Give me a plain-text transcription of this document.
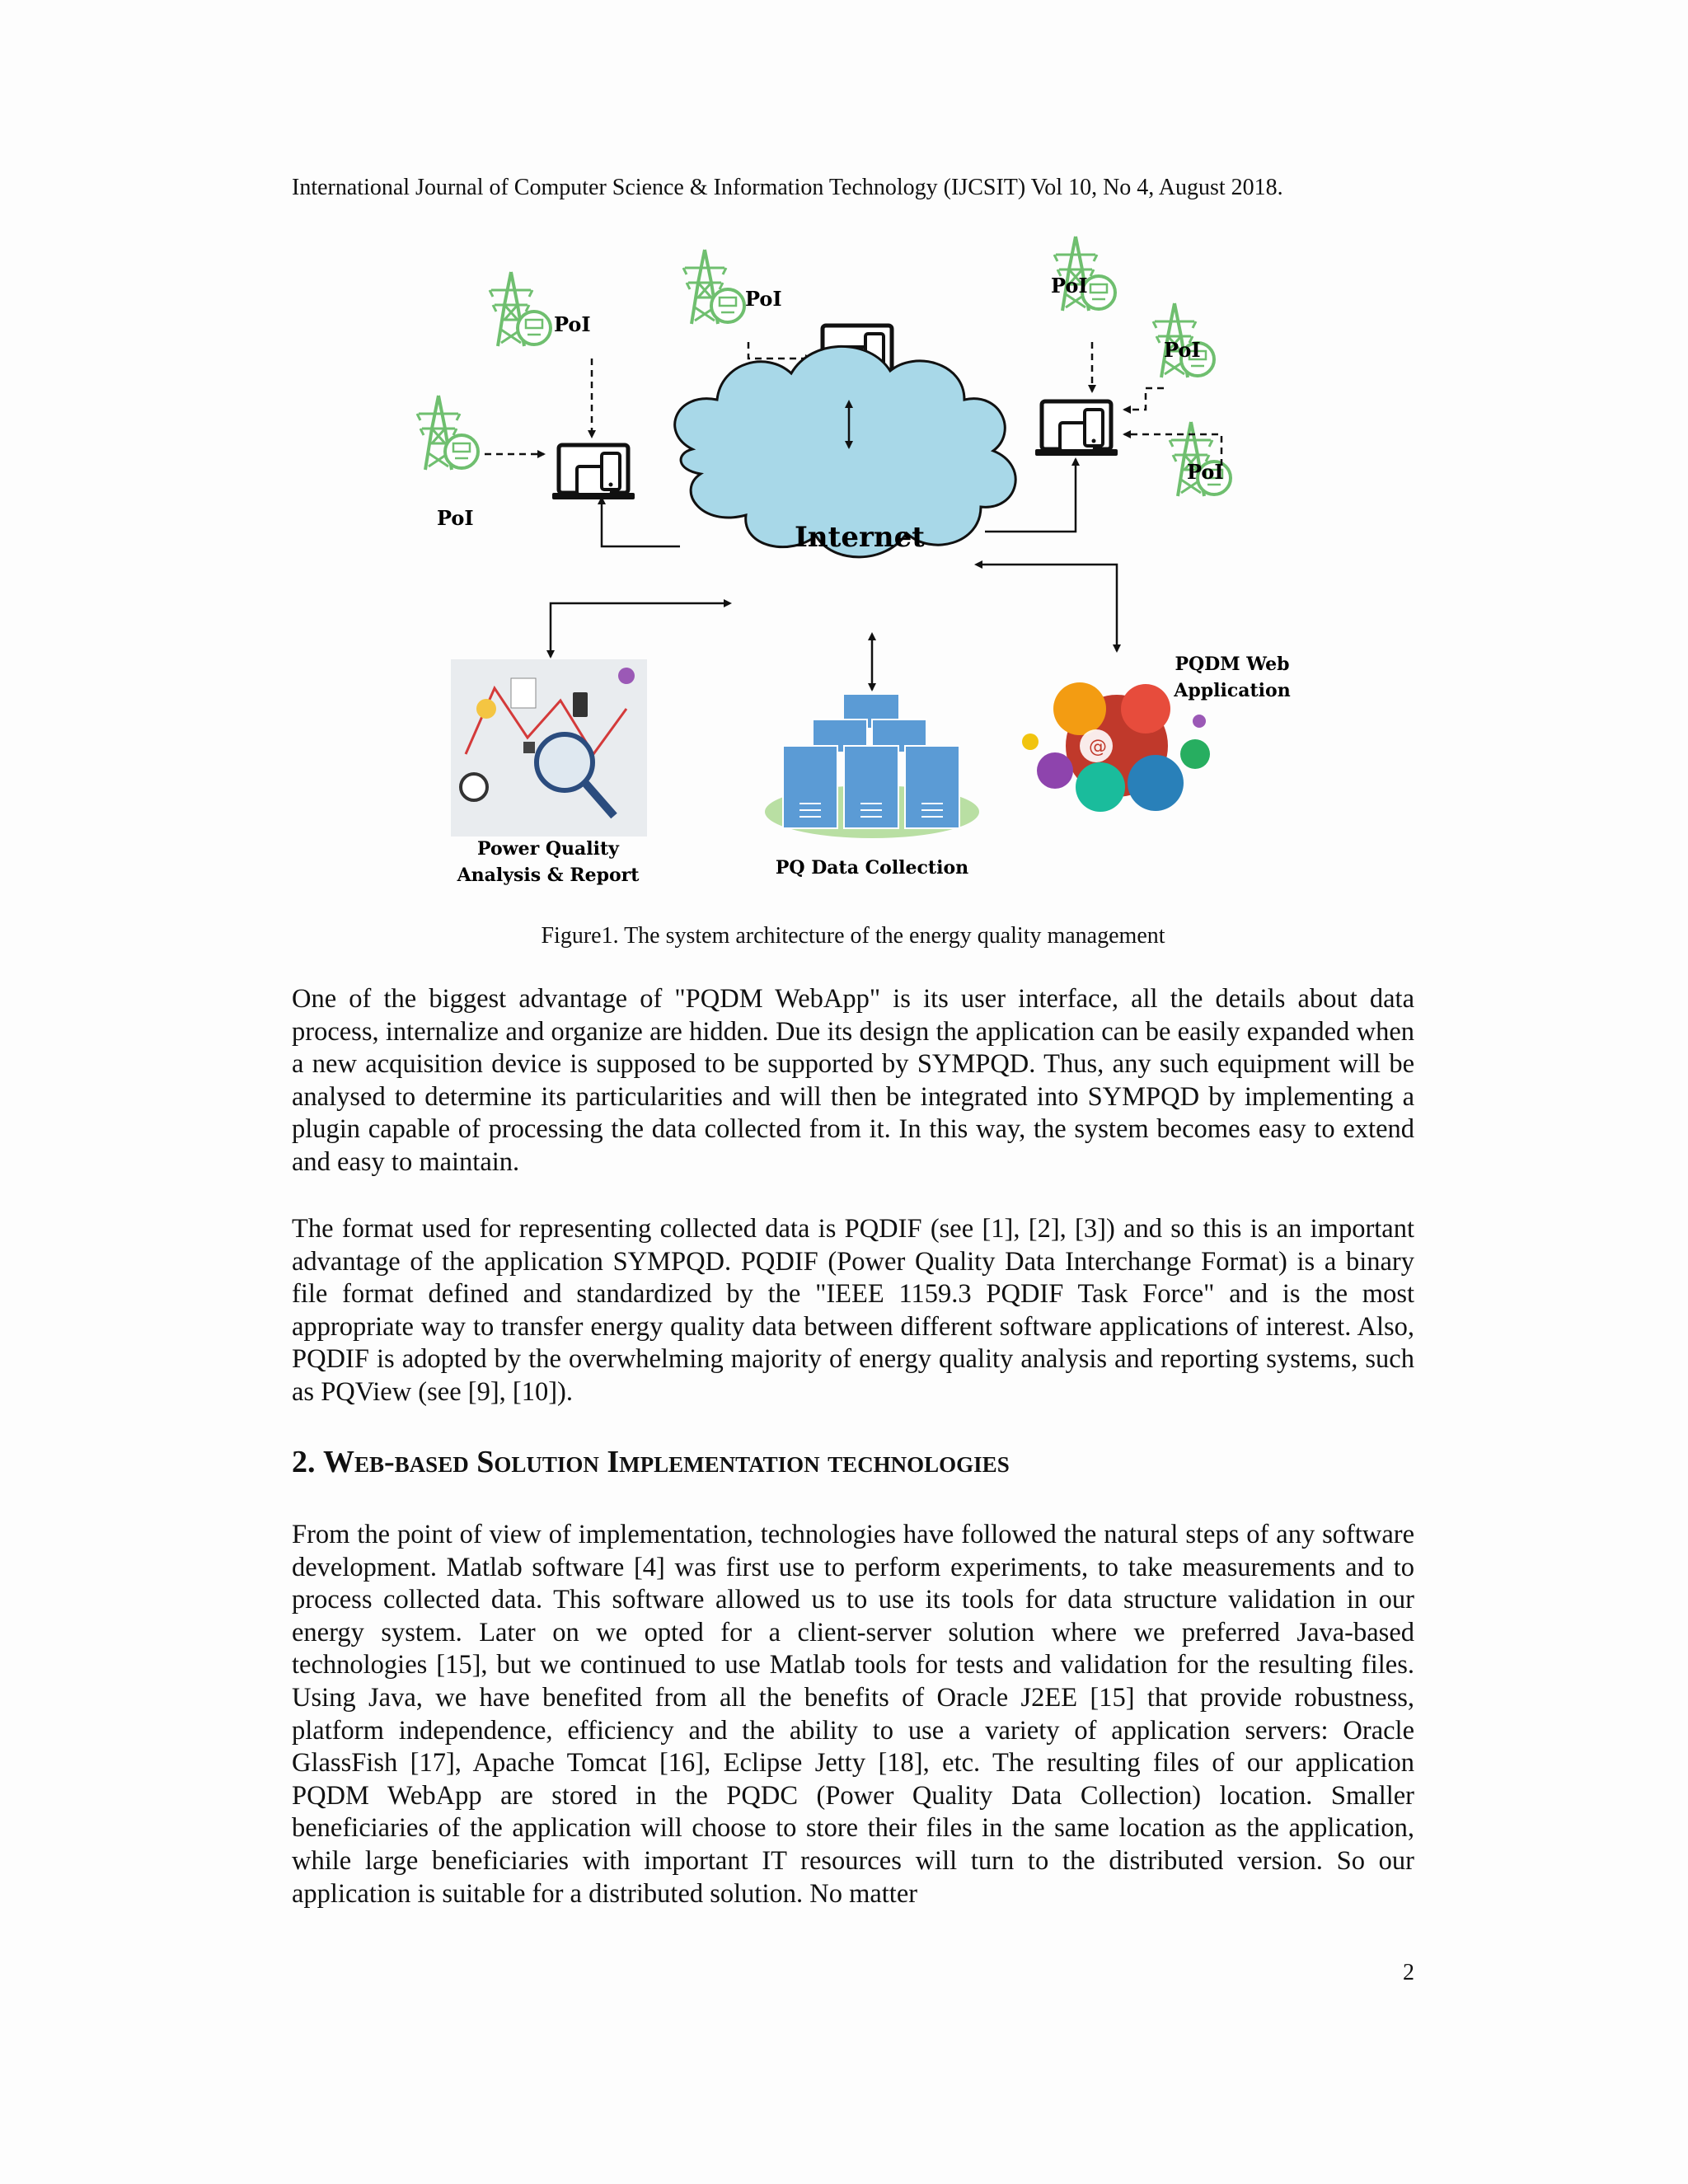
International Journal of Computer Science & Information Technology (IJCSIT) Vol 10, No 4, August 2018.
PoI
PoI
PoI
PoI
PoI
PoI
Internet
Power Quality
Analysis & Report	PQ Data Collection
@
PQDM Web
Application
Figure1. The system architecture of the energy quality management

One of the biggest advantage of "PQDM WebApp" is its user interface, all the details about data process, internalize and organize are hidden. Due its design the application can be easily expanded when a new acquisition device is supposed to be supported by SYMPQD. Thus, any such equipment will be analysed to determine its particularities and will then be integrated into SYMPQD by implementing a plugin capable of processing the data collected from it. In this way, the system becomes easy to extend and easy to maintain.

The format used for representing collected data is PQDIF (see [1], [2], [3]) and so this is an important advantage of the application SYMPQD. PQDIF (Power Quality Data Interchange Format) is a binary file format defined and standardized by the "IEEE 1159.3 PQDIF Task Force" and is the most appropriate way to transfer energy quality data between different software applications of interest. Also, PQDIF is adopted by the overwhelming majority of energy quality analysis and reporting systems, such as PQView (see [9], [10]).

2. Web-based Solution Implementation technologies

From the point of view of implementation, technologies have followed the natural steps of any software development. Matlab software [4] was first use to perform experiments, to take measurements and to process collected data. This software allowed us to use its tools for data structure validation in our energy system. Later on we opted for a client-server solution where we preferred Java-based technologies [15], but we continued to use Matlab tools for tests and validation for the resulting files. Using Java, we have benefited from all the benefits of Oracle J2EE [15] that provide robustness, platform independence, efficiency and the ability to use a variety of application servers: Oracle GlassFish [17], Apache Tomcat [16], Eclipse Jetty [18], etc. The resulting files of our application PQDM WebApp are stored in the PQDC (Power Quality Data Collection) location. Smaller beneficiaries of the application will choose to store their files in the same location as the application, while large beneficiaries with important IT resources will turn to the distributed version. So our application is suitable for a distributed solution. No matter

2
